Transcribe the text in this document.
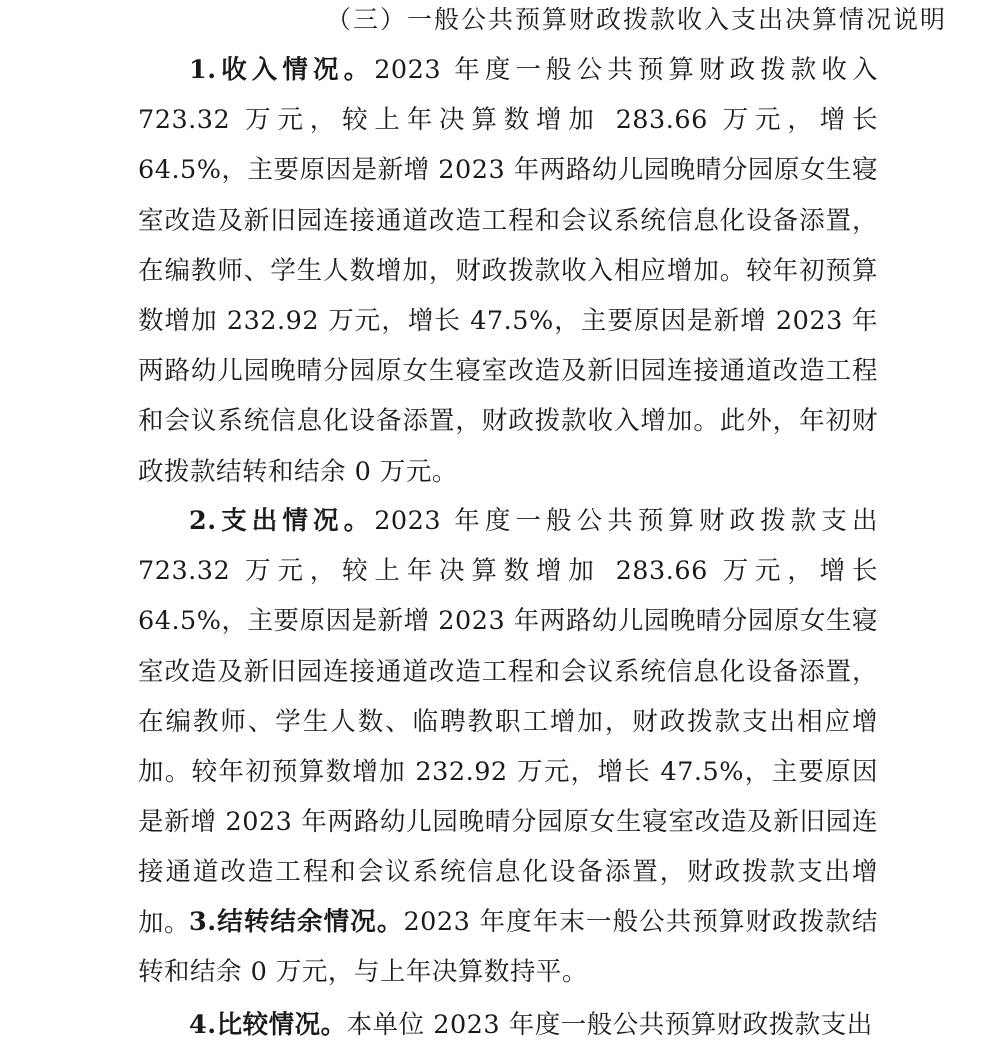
（三）一般公共预算财政拨款收入支出决算情况说明

1.收入情况。2023 年度一般公共预算财政拨款收入 723.32 万元，较上年决算数增加 283.66 万元，增长 64.5%，主要原因是新增 2023 年两路幼儿园晚晴分园原女生寝室改造及新旧园连接通道改造工程和会议系统信息化设备添置，在编教师、学生人数增加，财政拨款收入相应增加。较年初预算数增加 232.92 万元，增长 47.5%，主要原因是新增 2023 年两路幼儿园晚晴分园原女生寝室改造及新旧园连接通道改造工程和会议系统信息化设备添置，财政拨款收入增加。此外，年初财政拨款结转和结余 0 万元。

2.支出情况。2023 年度一般公共预算财政拨款支出 723.32 万元，较上年决算数增加 283.66 万元，增长 64.5%，主要原因是新增 2023 年两路幼儿园晚晴分园原女生寝室改造及新旧园连接通道改造工程和会议系统信息化设备添置，在编教师、学生人数、临聘教职工增加，财政拨款支出相应增加。较年初预算数增加 232.92 万元，增长 47.5%，主要原因是新增 2023 年两路幼儿园晚晴分园原女生寝室改造及新旧园连接通道改造工程和会议系统信息化设备添置，财政拨款支出增加。

3.结转结余情况。2023 年度年末一般公共预算财政拨款结转和结余 0 万元，与上年决算数持平。

4.比较情况。本单位 2023 年度一般公共预算财政拨款支出
